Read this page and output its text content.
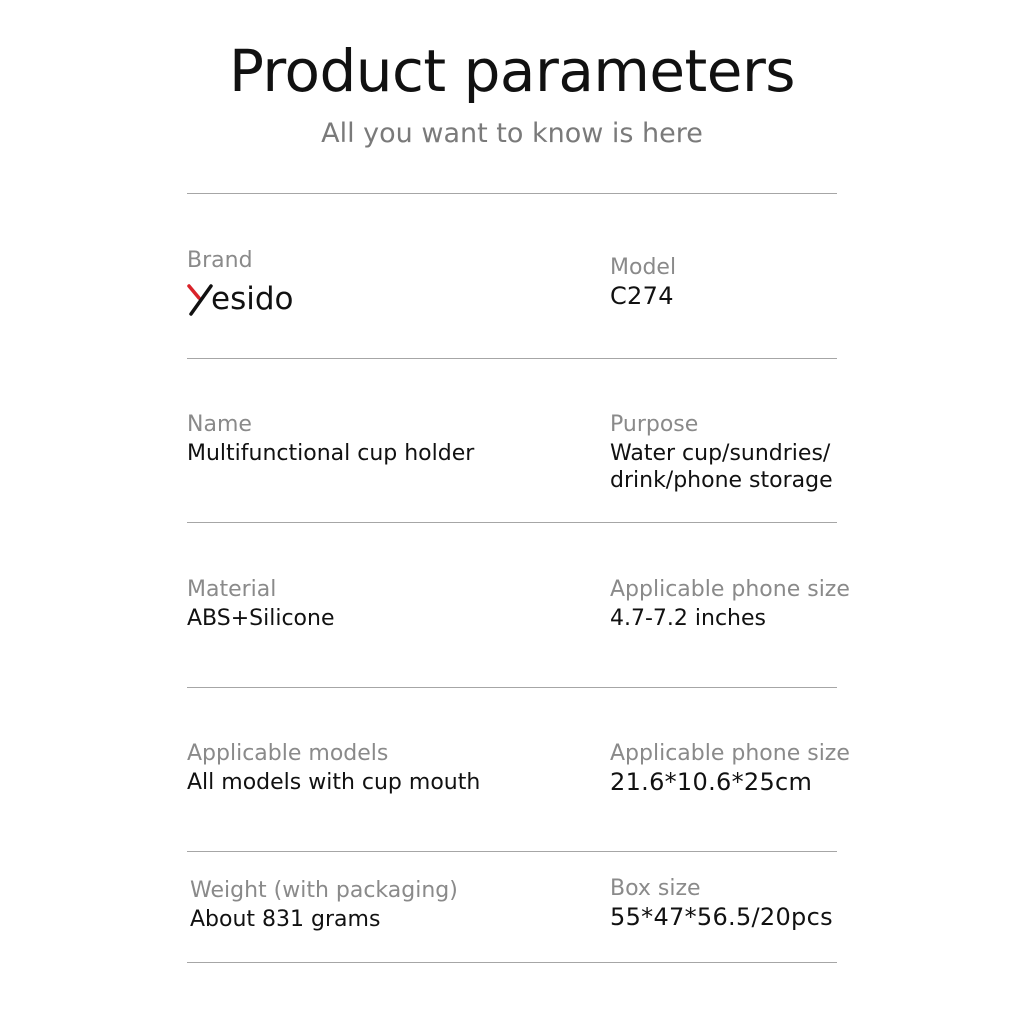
Product parameters
All you want to know is here
Brand
esido
Model
C274
Name
Multifunctional cup holder
Purpose
Water cup/sundries/
drink/phone storage
Material
ABS+Silicone
Applicable phone size
4.7-7.2 inches
Applicable models
All models with cup mouth
Applicable phone size
21.6*10.6*25cm
Weight (with packaging)
About 831 grams
Box size
55*47*56.5/20pcs
